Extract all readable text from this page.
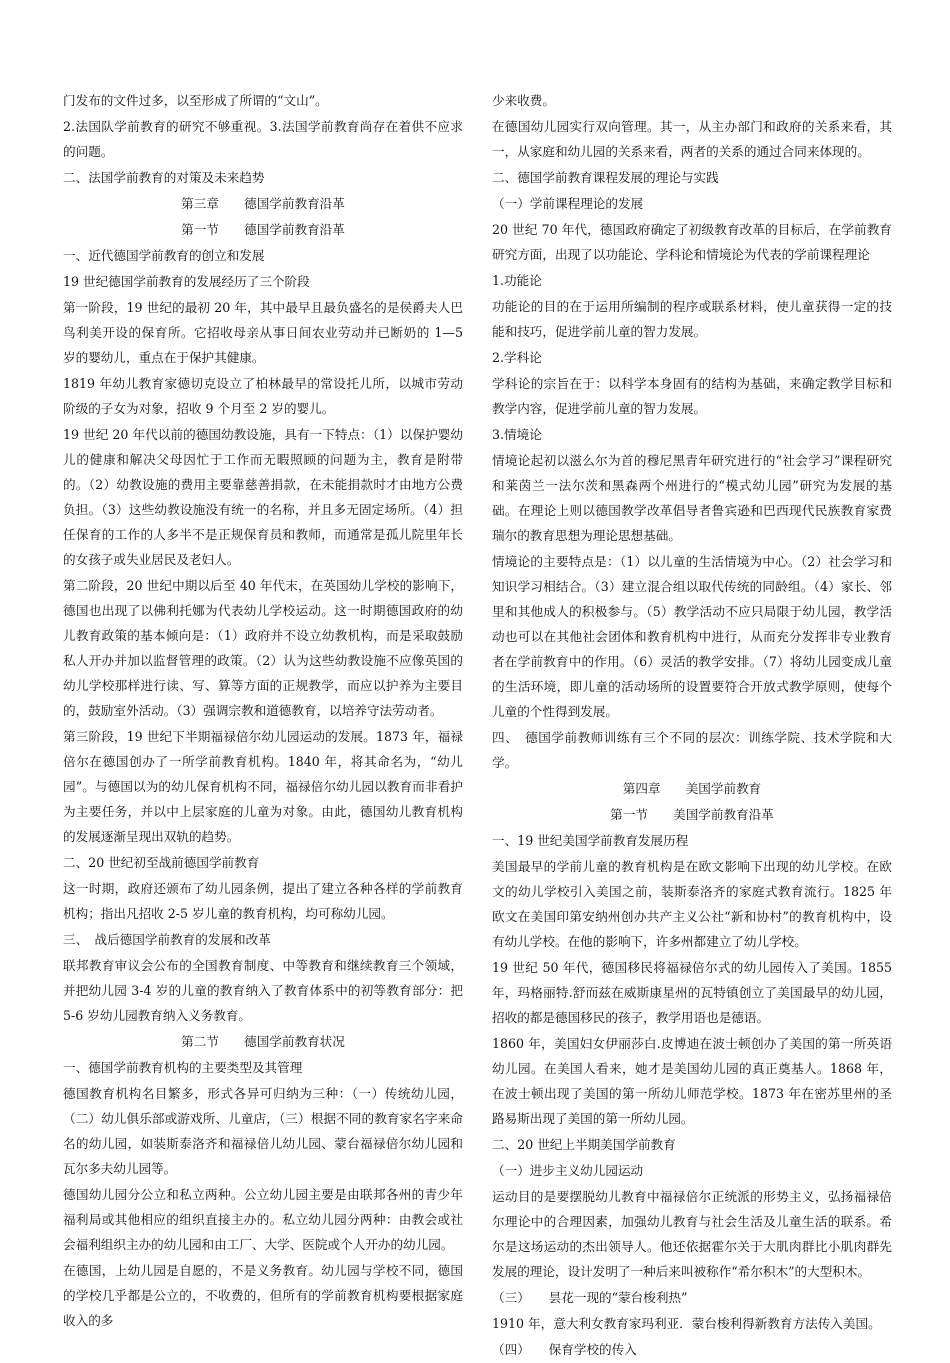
门发布的文件过多，以至形成了所谓的“文山”。

2.法国队学前教育的研究不够重视。3.法国学前教育尚存在着供不应求的问题。

二、法国学前教育的对策及未来趋势

第三章　　德国学前教育沿革

第一节　　德国学前教育沿革

一、近代德国学前教育的创立和发展

19 世纪德国学前教育的发展经历了三个阶段

第一阶段，19 世纪的最初 20 年，其中最早且最负盛名的是侯爵夫人巴鸟利美开设的保育所。它招收母亲从事日间农业劳动并已断奶的 1—5 岁的婴幼儿，重点在于保护其健康。

1819 年幼儿教育家德切克设立了柏林最早的常设托儿所，以城市劳动阶级的子女为对象，招收 9 个月至 2 岁的婴儿。

19 世纪 20 年代以前的德国幼教设施，具有一下特点：（1）以保护婴幼儿的健康和解决父母因忙于工作而无暇照顾的问题为主，教育是附带的。（2）幼教设施的费用主要靠慈善捐款，在未能捐款时才由地方公费负担。（3）这些幼教设施没有统一的名称，并且多无固定场所。（4）担任保育的工作的人多半不是正规保育员和教师，而通常是孤儿院里年长的女孩子或失业居民及老妇人。

第二阶段，20 世纪中期以后至 40 年代末，在英国幼儿学校的影响下，德国也出现了以佛利托娜为代表幼儿学校运动。这一时期德国政府的幼儿教育政策的基本倾向是：（1）政府并不设立幼教机构，而是采取鼓励私人开办并加以监督管理的政策。（2）认为这些幼教设施不应像英国的幼儿学校那样进行读、写、算等方面的正规教学，而应以护养为主要目的，鼓励室外活动。（3）强调宗教和道德教育，以培养守法劳动者。

第三阶段，19 世纪下半期福禄倍尔幼儿园运动的发展。1873 年，福禄倍尔在德国创办了一所学前教育机构。1840 年，将其命名为，“幼儿园”。与德国以为的幼儿保育机构不同，福禄倍尔幼儿园以教育而非看护为主要任务，并以中上层家庭的儿童为对象。由此，德国幼儿教育机构的发展逐渐呈现出双轨的趋势。

二、20 世纪初至战前德国学前教育

这一时期，政府还颁布了幼儿园条例，提出了建立各种各样的学前教育机构；指出凡招收 2-5 岁儿童的教育机构，均可称幼儿园。

三、　战后德国学前教育的发展和改革

联邦教育审议会公布的全国教育制度、中等教育和继续教育三个领域，并把幼儿园 3-4 岁的儿童的教育纳入了教育体系中的初等教育部分：把 5-6 岁幼儿园教育纳入义务教育。

第二节　　德国学前教育状况

一、德国学前教育机构的主要类型及其管理

德国教育机构名目繁多，形式各异可归纳为三种：（一）传统幼儿园，（二）幼儿俱乐部或游戏所、儿童店，（三）根据不同的教育家名字来命名的幼儿园，如装斯泰洛齐和福禄倍儿幼儿园、蒙台福禄倍尔幼儿园和瓦尔多夫幼儿园等。

德国幼儿园分公立和私立两种。公立幼儿园主要是由联邦各州的青少年福利局或其他相应的组织直接主办的。私立幼儿园分两种：由教会或社会福利组织主办的幼儿园和由工厂、大学、医院或个人开办的幼儿园。

在德国，上幼儿园是自愿的，不是义务教育。幼儿园与学校不同，德国的学校几乎都是公立的，不收费的，但所有的学前教育机构要根据家庭收入的多

少来收费。

在德国幼儿园实行双向管理。其一，从主办部门和政府的关系来看，其一，从家庭和幼儿园的关系来看，两者的关系的通过合同来体现的。

二、德国学前教育课程发展的理论与实践

（一）学前课程理论的发展

20 世纪 70 年代，德国政府确定了初级教育改革的目标后，在学前教育研究方面，出现了以功能论、学科论和情境论为代表的学前课程理论

1.功能论

功能论的目的在于运用所编制的程序或联系材料，使儿童获得一定的技能和技巧，促进学前儿童的智力发展。

2.学科论

学科论的宗旨在于：以科学本身固有的结构为基础，来确定教学目标和教学内容，促进学前儿童的智力发展。

3.情境论

情境论起初以滋么尔为首的穆尼黑青年研究进行的“社会学习”课程研究和莱茵兰一法尔茨和黑森两个州进行的“模式幼儿园”研究为发展的基础。在理论上则以德国教学改革倡导者鲁宾逊和巴西现代民族教育家费瑞尔的教育思想为理论思想基础。

情境论的主要特点是：（1）以儿童的生活情境为中心。（2）社会学习和知识学习相结合。（3）建立混合组以取代传统的同龄组。（4）家长、邻里和其他成人的积极参与。（5）教学活动不应只局限于幼儿园，教学活动也可以在其他社会团体和教育机构中进行，从而充分发挥非专业教育者在学前教育中的作用。（6）灵活的教学安排。（7）将幼儿园变成儿童的生活环境，即儿童的活动场所的设置要符合开放式教学原则，使每个儿童的个性得到发展。

四、　德国学前教师训练有三个不同的层次：训练学院、技术学院和大学。

第四章　　美国学前教育

第一节　　美国学前教育沿革

一、19 世纪美国学前教育发展历程

美国最早的学前儿童的教育机构是在欧文影响下出现的幼儿学校。在欧文的幼儿学校引入美国之前，装斯泰洛齐的家庭式教育流行。1825 年欧文在美国印第安纳州创办共产主义公社“新和协村”的教育机构中，设有幼儿学校。在他的影响下，许多州都建立了幼儿学校。

19 世纪 50 年代，德国移民将福禄倍尔式的幼儿园传入了美国。1855 年，玛格丽特.舒而兹在威斯康星州的瓦特镇创立了美国最早的幼儿园，招收的都是德国移民的孩子，教学用语也是德语。

1860 年，美国妇女伊丽莎白.皮博迪在波士顿创办了美国的第一所英语幼儿园。在美国人看来，她才是美国幼儿园的真正奠基人。1868 年，在波士顿出现了美国的第一所幼儿师范学校。1873 年在密苏里州的圣路易斯出现了美国的第一所幼儿园。

二、20 世纪上半期美国学前教育

（一）进步主义幼儿园运动

运动目的是要摆脱幼儿教育中福禄倍尔正统派的形势主义，弘扬福禄倍尔理论中的合理因素，加强幼儿教育与社会生活及儿童生活的联系。希尔是这场运动的杰出领导人。他还依据霍尔关于大肌肉群比小肌肉群先发展的理论，设计发明了一种后来叫被称作“希尔积木”的大型积木。

（三）　　昙花一现的“蒙台梭利热”

1910 年，意大利女教育家玛利亚．蒙台梭利得新教育方法传入美国。

（四）　　保育学校的传入
